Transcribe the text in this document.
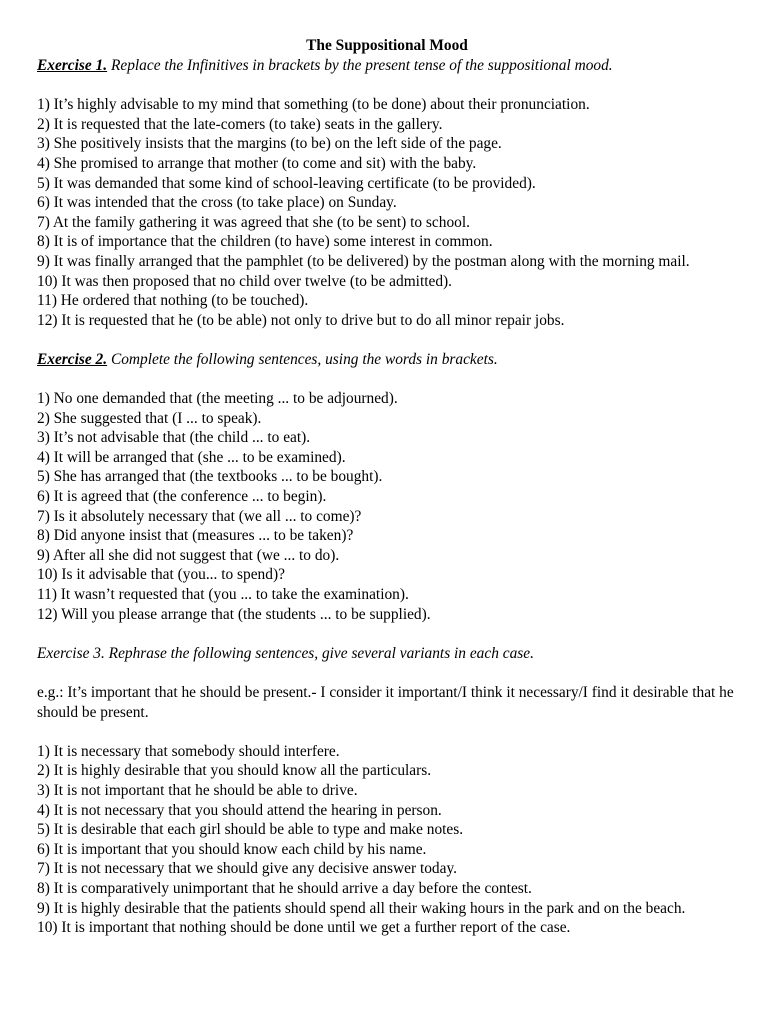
The Suppositional Mood

Exercise 1. Replace the Infinitives in brackets by the present tense of the suppositional mood.

1) It’s highly advisable to my mind that something (to be done) about their pronunciation.
2) It is requested that the late-comers (to take) seats in the gallery.
3) She positively insists that the margins (to be) on the left side of the page.
4) She promised to arrange that mother (to come and sit) with the baby.
5) It was demanded that some kind of school-leaving certificate (to be provided).
6) It was intended that the cross (to take place) on Sunday.
7) At the family gathering it was agreed that she (to be sent) to school.
8) It is of importance that the children (to have) some interest in common.
9) It was finally arranged that the pamphlet (to be delivered) by the postman along with the morning mail.
10) It was then proposed that no child over twelve (to be admitted).
11) He ordered that nothing (to be touched).
12) It is requested that he (to be able) not only to drive but to do all minor repair jobs.

Exercise 2. Complete the following sentences, using the words in brackets.

1) No one demanded that (the meeting ... to be adjourned).
2) She suggested that (I ... to speak).
3) It’s not advisable that (the child ... to eat).
4) It will be arranged that (she ... to be examined).
5) She has arranged that (the textbooks ... to be bought).
6) It is agreed that (the conference ... to begin).
7) Is it absolutely necessary that (we all ... to come)?
8) Did anyone insist that (measures ... to be taken)?
9) After all she did not suggest that (we ... to do).
10) Is it advisable that (you... to spend)?
11) It wasn’t requested that (you ... to take the examination).
12) Will you please arrange that (the students ... to be supplied).

Exercise 3. Rephrase the following sentences, give several variants in each case.

e.g.: It’s important that he should be present.- I consider it important/I think it necessary/I find it desirable that he should be present.

1) It is necessary that somebody should interfere.
2) It is highly desirable that you should know all the particulars.
3) It is not important that he should be able to drive.
4) It is not necessary that you should attend the hearing in person.
5) It is desirable that each girl should be able to type and make notes.
6) It is important that you should know each child by his name.
7) It is not necessary that we should give any decisive answer today.
8) It is comparatively unimportant that he should arrive a day before the contest.
9) It is highly desirable that the patients should spend all their waking hours in the park and on the beach.
10) It is important that nothing should be done until we get a further report of the case.
